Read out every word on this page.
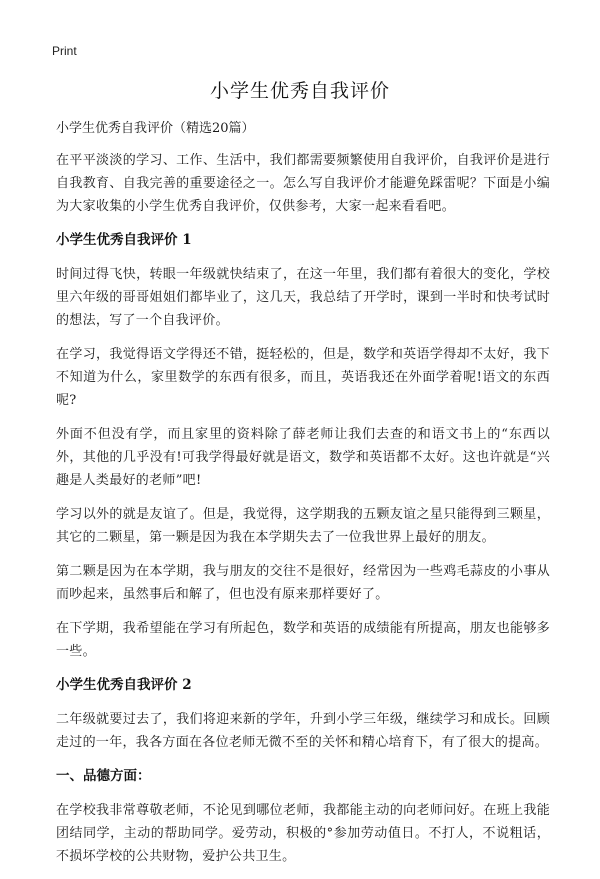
Print
小学生优秀自我评价

小学生优秀自我评价（精选20篇）

在平平淡淡的学习、工作、生活中，我们都需要频繁使用自我评价，自我评价是进行自我教育、自我完善的重要途径之一。怎么写自我评价才能避免踩雷呢？下面是小编为大家收集的小学生优秀自我评价，仅供参考，大家一起来看看吧。

小学生优秀自我评价 1

时间过得飞快，转眼一年级就快结束了，在这一年里，我们都有着很大的变化，学校里六年级的哥哥姐姐们都毕业了，这几天，我总结了开学时，课到一半时和快考试时的想法，写了一个自我评价。

在学习，我觉得语文学得还不错，挺轻松的，但是，数学和英语学得却不太好，我下不知道为什么，家里数学的东西有很多，而且，英语我还在外面学着呢!语文的东西呢?

外面不但没有学，而且家里的资料除了薛老师让我们去查的和语文书上的“东西以外，其他的几乎没有!可我学得最好就是语文，数学和英语都不太好。这也许就是“兴趣是人类最好的老师”吧!

学习以外的就是友谊了。但是，我觉得，这学期我的五颗友谊之星只能得到三颗星，其它的二颗星，第一颗是因为我在本学期失去了一位我世界上最好的朋友。

第二颗是因为在本学期，我与朋友的交往不是很好，经常因为一些鸡毛蒜皮的小事从而吵起来，虽然事后和解了，但也没有原来那样要好了。

在下学期，我希望能在学习有所起色，数学和英语的成绩能有所提高，朋友也能够多一些。

小学生优秀自我评价 2

二年级就要过去了，我们将迎来新的学年，升到小学三年级，继续学习和成长。回顾走过的一年，我各方面在各位老师无微不至的关怀和精心培育下，有了很大的提高。

一、品德方面：

在学校我非常尊敬老师，不论见到哪位老师，我都能主动的向老师问好。在班上我能团结同学，主动的帮助同学。爱劳动，积极的°参加劳动值日。不打人，不说粗话，不损坏学校的公共财物，爱护公共卫生。
